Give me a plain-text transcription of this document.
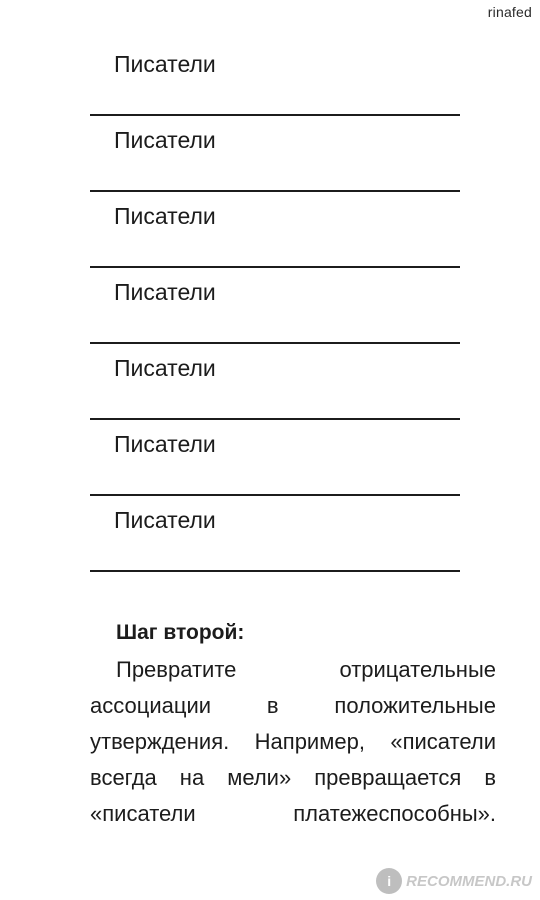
rinafed
Писатели
Писатели
Писатели
Писатели
Писатели
Писатели
Писатели
Шаг второй:
Превратите	отрицательные
ассоциации	в	положительные
утверждения. Например, «писатели
всегда на мели» превращается в
«писатели	платежеспособны».
i	RECOMMEND.RU
